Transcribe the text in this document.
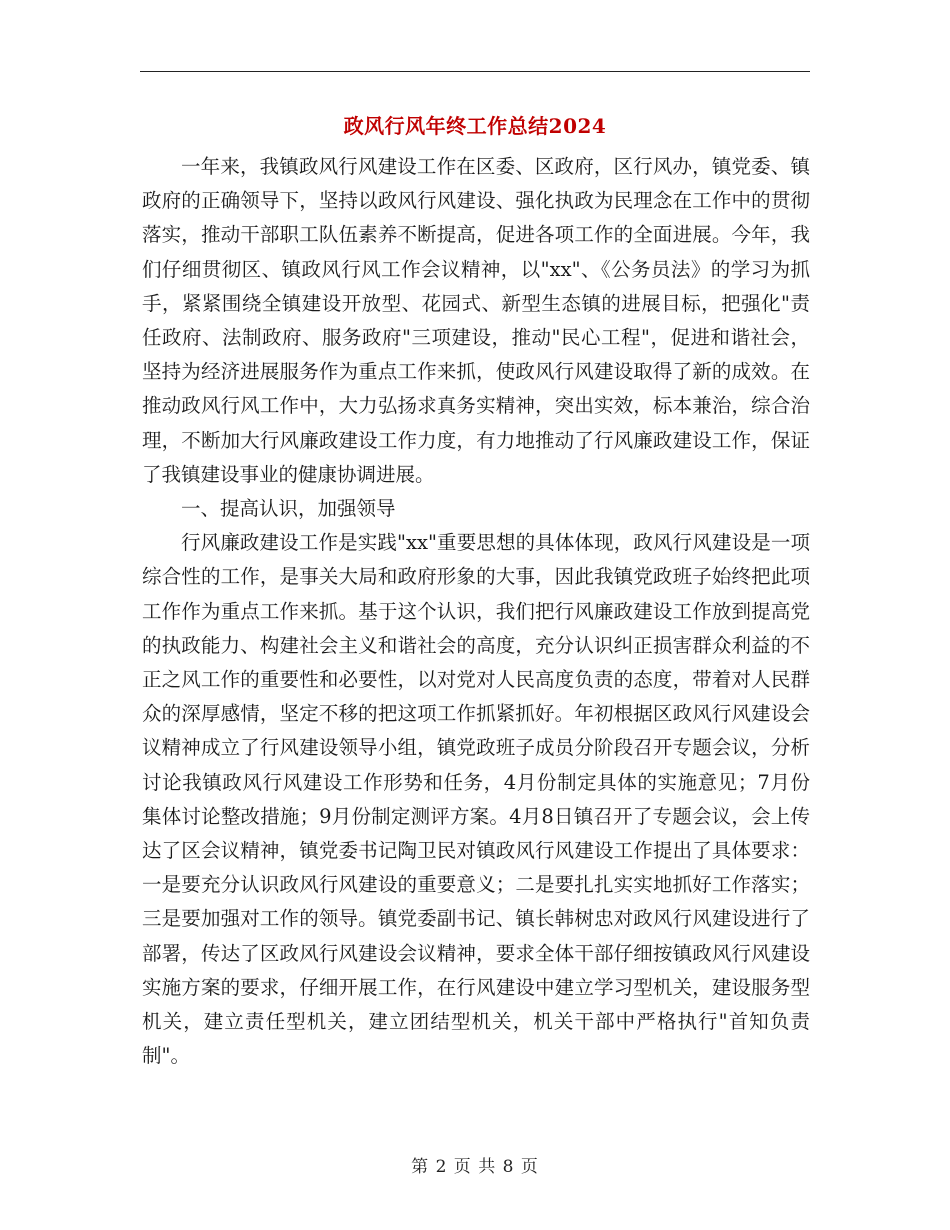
政风行风年终工作总结2024

一年来，我镇政风行风建设工作在区委、区政府，区行风办，镇党委、镇政府的正确领导下，坚持以政风行风建设、强化执政为民理念在工作中的贯彻落实，推动干部职工队伍素养不断提高，促进各项工作的全面进展。今年，我们仔细贯彻区、镇政风行风工作会议精神，以"xx"、《公务员法》的学习为抓手，紧紧围绕全镇建设开放型、花园式、新型生态镇的进展目标，把强化"责任政府、法制政府、服务政府"三项建设，推动"民心工程"，促进和谐社会，坚持为经济进展服务作为重点工作来抓，使政风行风建设取得了新的成效。在推动政风行风工作中，大力弘扬求真务实精神，突出实效，标本兼治，综合治理，不断加大行风廉政建设工作力度，有力地推动了行风廉政建设工作，保证了我镇建设事业的健康协调进展。

一、提高认识，加强领导

行风廉政建设工作是实践"xx"重要思想的具体体现，政风行风建设是一项综合性的工作，是事关大局和政府形象的大事，因此我镇党政班子始终把此项工作作为重点工作来抓。基于这个认识，我们把行风廉政建设工作放到提高党的执政能力、构建社会主义和谐社会的高度，充分认识纠正损害群众利益的不正之风工作的重要性和必要性，以对党对人民高度负责的态度，带着对人民群众的深厚感情，坚定不移的把这项工作抓紧抓好。年初根据区政风行风建设会议精神成立了行风建设领导小组，镇党政班子成员分阶段召开专题会议，分析讨论我镇政风行风建设工作形势和任务，4月份制定具体的实施意见；7月份集体讨论整改措施；9月份制定测评方案。4月8日镇召开了专题会议，会上传达了区会议精神，镇党委书记陶卫民对镇政风行风建设工作提出了具体要求：一是要充分认识政风行风建设的重要意义；二是要扎扎实实地抓好工作落实；三是要加强对工作的领导。镇党委副书记、镇长韩树忠对政风行风建设进行了部署，传达了区政风行风建设会议精神，要求全体干部仔细按镇政风行风建设实施方案的要求，仔细开展工作，在行风建设中建立学习型机关，建设服务型机关，建立责任型机关，建立团结型机关，机关干部中严格执行"首知负责制"。

第 2 页 共 8 页
